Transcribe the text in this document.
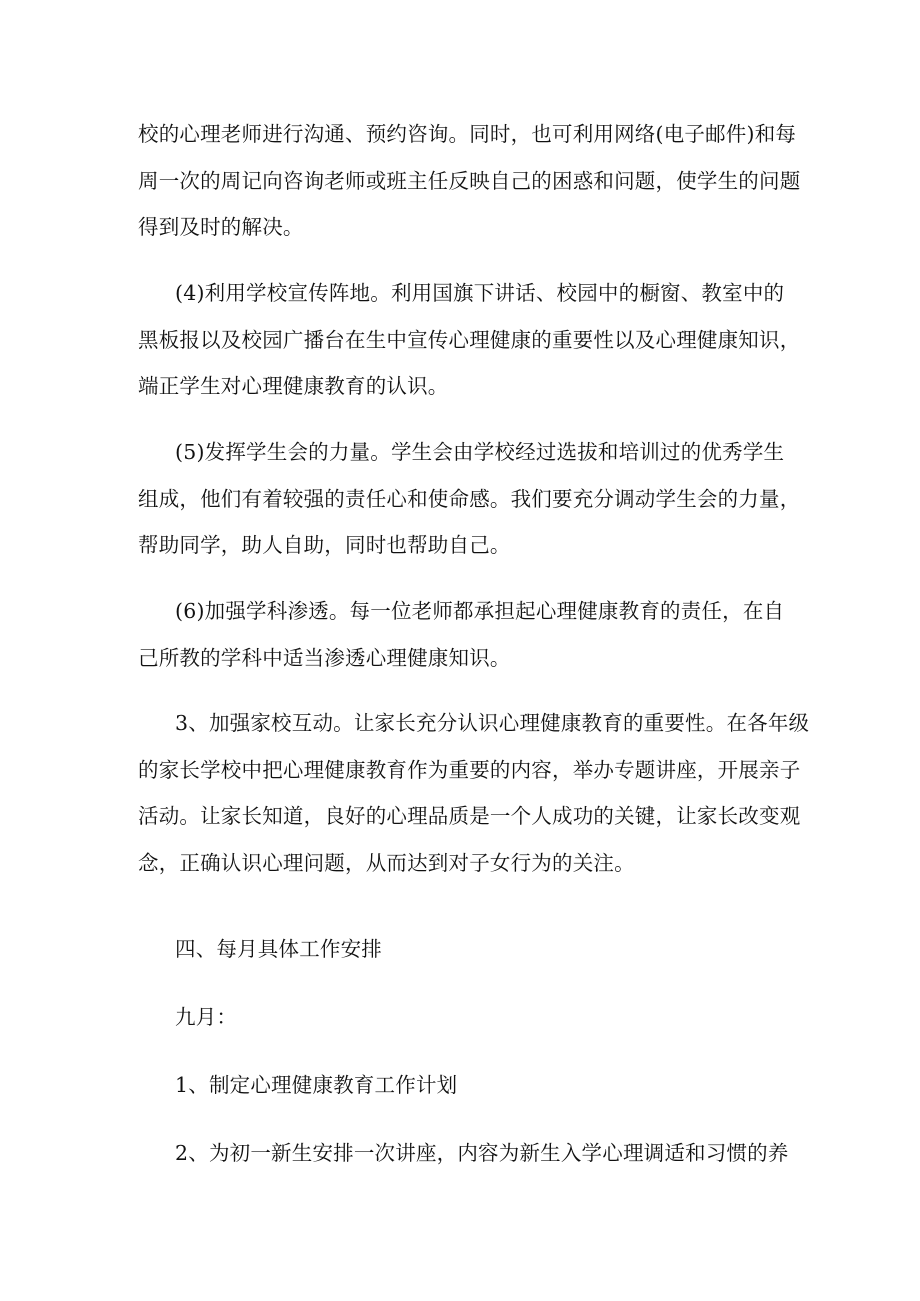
校的心理老师进行沟通、预约咨询。同时，也可利用网络(电子邮件)和每
周一次的周记向咨询老师或班主任反映自己的困惑和问题，使学生的问题
得到及时的解决。

(4)利用学校宣传阵地。利用国旗下讲话、校园中的橱窗、教室中的
黑板报以及校园广播台在生中宣传心理健康的重要性以及心理健康知识，
端正学生对心理健康教育的认识。

(5)发挥学生会的力量。学生会由学校经过选拔和培训过的优秀学生
组成，他们有着较强的责任心和使命感。我们要充分调动学生会的力量，
帮助同学，助人自助，同时也帮助自己。

(6)加强学科渗透。每一位老师都承担起心理健康教育的责任，在自
己所教的学科中适当渗透心理健康知识。

3、加强家校互动。让家长充分认识心理健康教育的重要性。在各年级
的家长学校中把心理健康教育作为重要的内容，举办专题讲座，开展亲子
活动。让家长知道，良好的心理品质是一个人成功的关键，让家长改变观
念，正确认识心理问题，从而达到对子女行为的关注。

四、每月具体工作安排

九月：

1、制定心理健康教育工作计划

2、为初一新生安排一次讲座，内容为新生入学心理调适和习惯的养
